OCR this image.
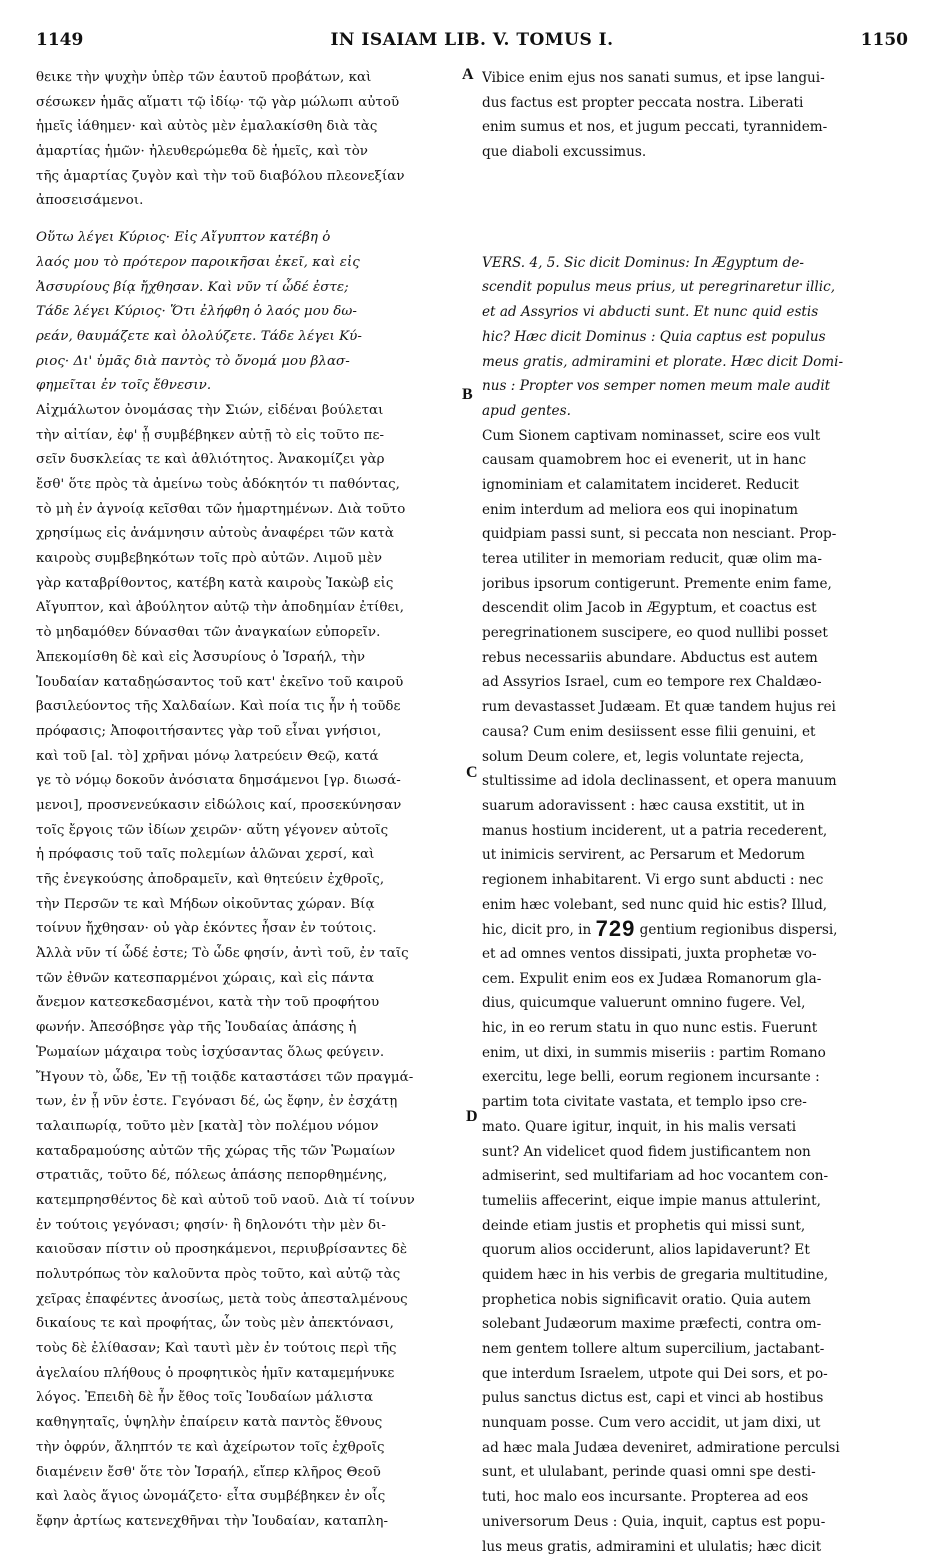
1149	IN ISAIAM LIB. V. TOMUS I.	1150
A
B
C
D
θεικε τὴν ψυχὴν ὑπὲρ τῶν ἑαυτοῦ προβάτων, καὶ
σέσωκεν ἡμᾶς αἵματι τῷ ἰδίῳ· τῷ γὰρ μώλωπι αὐτοῦ
ἡμεῖς ἰάθημεν· καὶ αὐτὸς μὲν ἐμαλακίσθη διὰ τὰς
ἁμαρτίας ἡμῶν· ἠλευθερώμεθα δὲ ἡμεῖς, καὶ τὸν
τῆς ἁμαρτίας ζυγὸν καὶ τὴν τοῦ διαβόλου πλεονεξίαν
ἀποσεισάμενοι.
Οὕτω λέγει Κύριος· Εἰς Αἴγυπτον κατέβη ὁ
λαός μου τὸ πρότερον παροικῆσαι ἐκεῖ, καὶ εἰς
Ἀσσυρίους βίᾳ ἤχθησαν. Καὶ νῦν τί ὧδέ ἐστε;
Τάδε λέγει Κύριος· Ὅτι ἐλήφθη ὁ λαός μου δω-
ρεάν, θαυμάζετε καὶ ὀλολύζετε. Τάδε λέγει Κύ-
ριος· Δι' ὑμᾶς διὰ παντὸς τὸ ὄνομά μου βλασ-
φημεῖται ἐν τοῖς ἔθνεσιν.
Αἰχμάλωτον ὀνομάσας τὴν Σιών, εἰδέναι βούλεται
τὴν αἰτίαν, ἐφ' ᾗ συμβέβηκεν αὐτῇ τὸ εἰς τοῦτο πε-
σεῖν δυσκλείας τε καὶ ἀθλιότητος. Ἀνακομίζει γὰρ
ἔσθ' ὅτε πρὸς τὰ ἀμείνω τοὺς ἀδόκητόν τι παθόντας,
τὸ μὴ ἐν ἀγνοίᾳ κεῖσθαι τῶν ἡμαρτημένων. Διὰ τοῦτο
χρησίμως εἰς ἀνάμνησιν αὐτοὺς ἀναφέρει τῶν κατὰ
καιροὺς συμβεβηκότων τοῖς πρὸ αὐτῶν. Λιμοῦ μὲν
γὰρ καταβρίθοντος, κατέβη κατὰ καιροὺς Ἰακὼβ εἰς
Αἴγυπτον, καὶ ἀβούλητον αὐτῷ τὴν ἀποδημίαν ἐτίθει,
τὸ μηδαμόθεν δύνασθαι τῶν ἀναγκαίων εὐπορεῖν.
Ἀπεκομίσθη δὲ καὶ εἰς Ἀσσυρίους ὁ Ἰσραήλ, τὴν
Ἰουδαίαν καταδῃώσαντος τοῦ κατ' ἐκεῖνο τοῦ καιροῦ
βασιλεύοντος τῆς Χαλδαίων. Καὶ ποία τις ἦν ἡ τοῦδε
πρόφασις; Ἀποφοιτήσαντες γὰρ τοῦ εἶναι γνήσιοι,
καὶ τοῦ [al. τὸ] χρῆναι μόνῳ λατρεύειν Θεῷ, κατά
γε τὸ νόμῳ δοκοῦν ἀνόσιατα δημσάμενοι [γρ. διωσά-
μενοι], προσνενεύκασιν εἰδώλοις καί, προσεκύνησαν
τοῖς ἔργοις τῶν ἰδίων χειρῶν· αὕτη γέγονεν αὐτοῖς
ἡ πρόφασις τοῦ ταῖς πολεμίων ἁλῶναι χερσί, καὶ
τῆς ἐνεγκούσης ἀποδραμεῖν, καὶ θητεύειν ἐχθροῖς,
τὴν Περσῶν τε καὶ Μήδων οἰκοῦντας χώραν. Βίᾳ
τοίνυν ἤχθησαν· οὐ γὰρ ἑκόντες ἦσαν ἐν τούτοις.
Ἀλλὰ νῦν τί ὧδέ ἐστε; Τὸ ὧδε φησίν, ἀντὶ τοῦ, ἐν ταῖς
τῶν ἐθνῶν κατεσπαρμένοι χώραις, καὶ εἰς πάντα
ἄνεμον κατεσκεδασμένοι, κατὰ τὴν τοῦ προφήτου
φωνήν. Ἀπεσόβησε γὰρ τῆς Ἰουδαίας ἁπάσης ἡ
Ῥωμαίων μάχαιρα τοὺς ἰσχύσαντας ὅλως φεύγειν.
Ἤγουν τὸ, ὧδε, Ἐν τῇ τοιᾷδε καταστάσει τῶν πραγμά-
των, ἐν ᾗ νῦν ἐστε. Γεγόνασι δέ, ὡς ἔφην, ἐν ἐσχάτῃ
ταλαιπωρίᾳ, τοῦτο μὲν [κατὰ] τὸν πολέμου νόμον
καταδραμούσης αὐτῶν τῆς χώρας τῆς τῶν Ῥωμαίων
στρατιᾶς, τοῦτο δέ, πόλεως ἁπάσης πεπορθημένης,
κατεμπρησθέντος δὲ καὶ αὐτοῦ τοῦ ναοῦ. Διὰ τί τοίνυν
ἐν τούτοις γεγόνασι; φησίν· ἢ δηλονότι τὴν μὲν δι-
καιοῦσαν πίστιν οὐ προσηκάμενοι, περιυβρίσαντες δὲ
πολυτρόπως τὸν καλοῦντα πρὸς τοῦτο, καὶ αὐτῷ τὰς
χεῖρας ἐπαφέντες ἀνοσίως, μετὰ τοὺς ἀπεσταλμένους
δικαίους τε καὶ προφήτας, ὧν τοὺς μὲν ἀπεκτόνασι,
τοὺς δὲ ἐλίθασαν; Καὶ ταυτὶ μὲν ἐν τούτοις περὶ τῆς
ἀγελαίου πλήθους ὁ προφητικὸς ἡμῖν καταμεμήνυκε
λόγος. Ἐπειδὴ δὲ ἦν ἔθος τοῖς Ἰουδαίων μάλιστα
καθηγηταῖς, ὑψηλὴν ἐπαίρειν κατὰ παντὸς ἔθνους
τὴν ὀφρύν, ἄληπτόν τε καὶ ἀχείρωτον τοῖς ἐχθροῖς
διαμένειν ἔσθ' ὅτε τὸν Ἰσραήλ, εἴπερ κλῆρος Θεοῦ
καὶ λαὸς ἅγιος ὠνομάζετο· εἶτα συμβέβηκεν ἐν οἷς
ἔφην ἀρτίως κατενεχθῆναι τὴν Ἰουδαίαν, καταπλη-
Vibice enim ejus nos sanati sumus, et ipse langui-
dus factus est propter peccata nostra. Liberati
enim sumus et nos, et jugum peccati, tyrannidem-
que diaboli excussimus.
VERS. 4, 5. Sic dicit Dominus: In Ægyptum de-
scendit populus meus prius, ut peregrinaretur illic,
et ad Assyrios vi abducti sunt. Et nunc quid estis
hic? Hæc dicit Dominus : Quia captus est populus
meus gratis, admiramini et plorate. Hæc dicit Domi-
nus : Propter vos semper nomen meum male audit
apud gentes.
Cum Sionem captivam nominasset, scire eos vult
causam quamobrem hoc ei evenerit, ut in hanc
ignominiam et calamitatem incideret. Reducit
enim interdum ad meliora eos qui inopinatum
quidpiam passi sunt, si peccata non nesciant. Prop-
terea utiliter in memoriam reducit, quæ olim ma-
joribus ipsorum contigerunt. Premente enim fame,
descendit olim Jacob in Ægyptum, et coactus est
peregrinationem suscipere, eo quod nullibi posset
rebus necessariis abundare. Abductus est autem
ad Assyrios Israel, cum eo tempore rex Chaldæo-
rum devastasset Judæam. Et quæ tandem hujus rei
causa? Cum enim desiissent esse filii genuini, et
solum Deum colere, et, legis voluntate rejecta,
stultissime ad idola declinassent, et opera manuum
suarum adoravissent : hæc causa exstitit, ut in
manus hostium inciderent, ut a patria recederent,
ut inimicis servirent, ac Persarum et Medorum
regionem inhabitarent. Vi ergo sunt abducti : nec
enim hæc volebant, sed nunc quid hic estis? Illud,
hic, dicit pro, in 729 gentium regionibus dispersi,
et ad omnes ventos dissipati, juxta prophetæ vo-
cem. Expulit enim eos ex Judæa Romanorum gla-
dius, quicumque valuerunt omnino fugere. Vel,
hic, in eo rerum statu in quo nunc estis. Fuerunt
enim, ut dixi, in summis miseriis : partim Romano
exercitu, lege belli, eorum regionem incursante :
partim tota civitate vastata, et templo ipso cre-
mato. Quare igitur, inquit, in his malis versati
sunt? An videlicet quod fidem justificantem non
admiserint, sed multifariam ad hoc vocantem con-
tumeliis affecerint, eique impie manus attulerint,
deinde etiam justis et prophetis qui missi sunt,
quorum alios occiderunt, alios lapidaverunt? Et
quidem hæc in his verbis de gregaria multitudine,
prophetica nobis significavit oratio. Quia autem
solebant Judæorum maxime præfecti, contra om-
nem gentem tollere altum supercilium, jactabant-
que interdum Israelem, utpote qui Dei sors, et po-
pulus sanctus dictus est, capi et vinci ab hostibus
nunquam posse. Cum vero accidit, ut jam dixi, ut
ad hæc mala Judæa deveniret, admiratione perculsi
sunt, et ululabant, perinde quasi omni spe desti-
tuti, hoc malo eos incursante. Propterea ad eos
universorum Deus : Quia, inquit, captus est popu-
lus meus gratis, admiramini et ululatis; hæc dicit
